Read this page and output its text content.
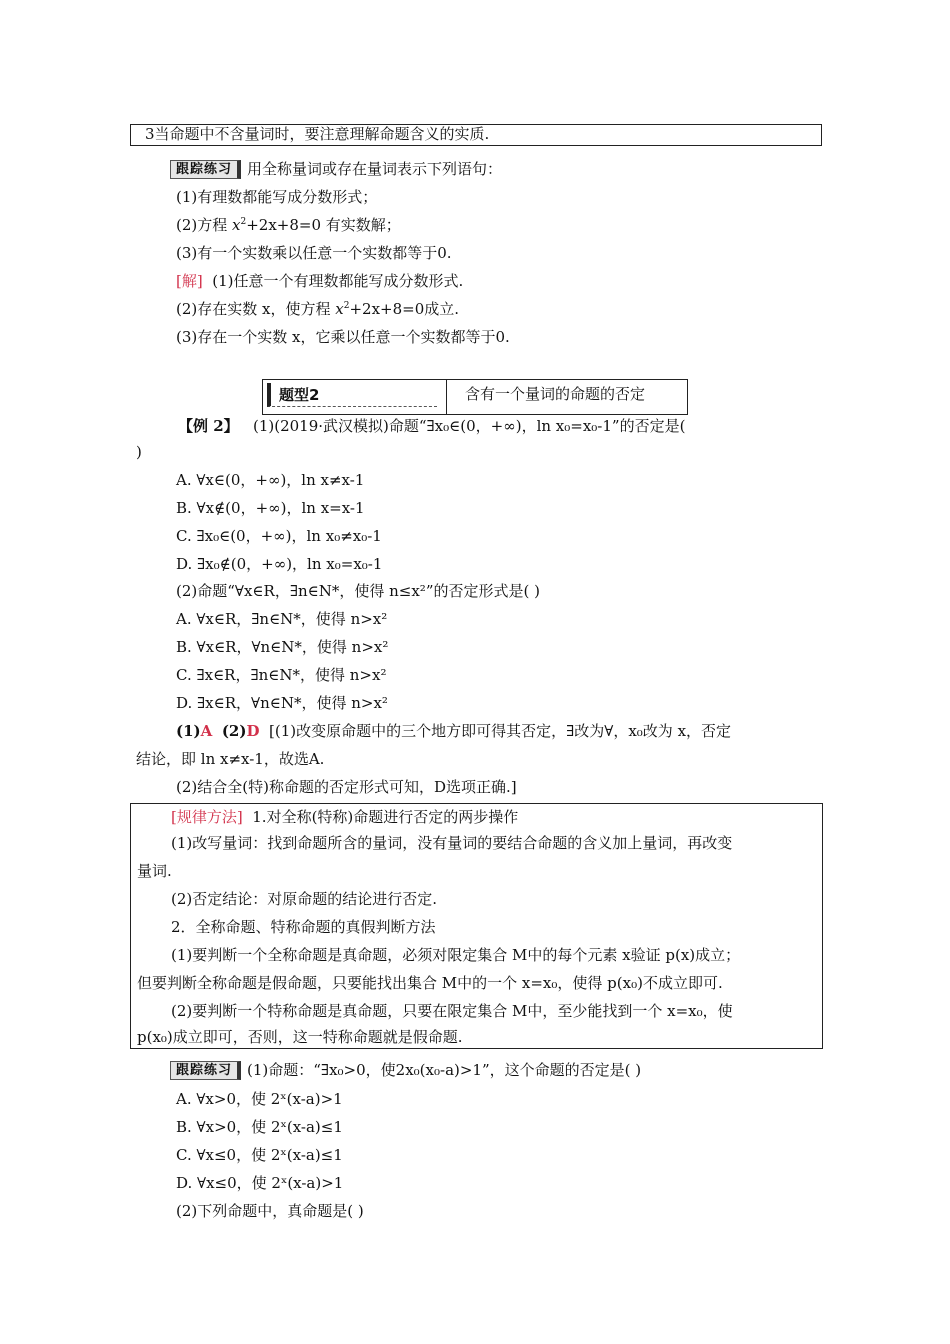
3当命题中不含量词时，要注意理解命题含义的实质.
跟踪练习 用全称量词或存在量词表示下列语句：
(1)有理数都能写成分数形式；
(2)方程 $x^2+2x+8=0$ 有实数解；
(3)有一个实数乘以任意一个实数都等于0.
[解] (1)任意一个有理数都能写成分数形式.
(2)存在实数 x，使方程 $x^2+2x+8=0$成立.
(3)存在一个实数 x，它乘以任意一个实数都等于0.
题型2	含有一个量词的命题的否定
【例 2】 (1)(2019·武汉模拟)命题“∃x₀∈(0，+∞)，ln x₀=x₀-1”的否定是(
)
A. ∀x∈(0，+∞)，ln x≠x-1
B. ∀x∉(0，+∞)，ln x=x-1
C. ∃x₀∈(0，+∞)，ln x₀≠x₀-1
D. ∃x₀∉(0，+∞)，ln x₀=x₀-1
(2)命题“∀x∈R，∃n∈N*，使得 n≤x²”的否定形式是( )
A. ∀x∈R，∃n∈N*，使得 n>x²
B. ∀x∈R，∀n∈N*，使得 n>x²
C. ∃x∈R，∃n∈N*，使得 n>x²
D. ∃x∈R，∀n∈N*，使得 n>x²
(1)A (2)D [(1)改变原命题中的三个地方即可得其否定，∃改为∀，x₀改为 x，否定
结论，即 ln x≠x-1，故选A.
(2)结合全(特)称命题的否定形式可知，D选项正确.]
[规律方法] 1.对全称(特称)命题进行否定的两步操作
(1)改写量词：找到命题所含的量词，没有量词的要结合命题的含义加上量词，再改变
量词.
(2)否定结论：对原命题的结论进行否定.
2．全称命题、特称命题的真假判断方法
(1)要判断一个全称命题是真命题，必须对限定集合 M中的每个元素 x验证 p(x)成立；
但要判断全称命题是假命题，只要能找出集合 M中的一个 x=x₀，使得 p(x₀)不成立即可.
(2)要判断一个特称命题是真命题，只要在限定集合 M中，至少能找到一个 x=x₀，使
p(x₀)成立即可，否则，这一特称命题就是假命题.
跟踪练习 (1)命题：“∃x₀>0，使2x₀(x₀-a)>1”，这个命题的否定是( )
A. ∀x>0，使 2ˣ(x-a)>1
B. ∀x>0，使 2ˣ(x-a)≤1
C. ∀x≤0，使 2ˣ(x-a)≤1
D. ∀x≤0，使 2ˣ(x-a)>1
(2)下列命题中，真命题是( )
